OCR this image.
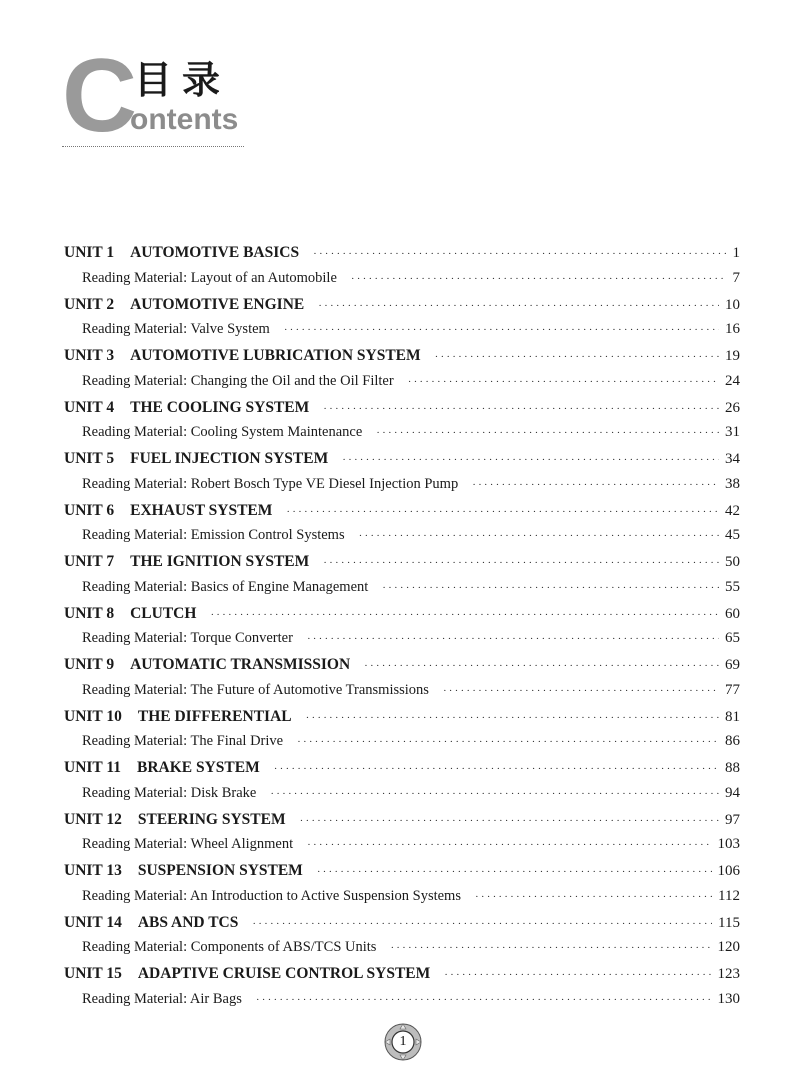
C
目录
ontents
UNIT 1 AUTOMOTIVE BASICS ·····	1
Reading Material: Layout of an Automobile ·····	7
UNIT 2 AUTOMOTIVE ENGINE ·····	10
Reading Material: Valve System ·····	16
UNIT 3 AUTOMOTIVE LUBRICATION SYSTEM ·····	19
Reading Material: Changing the Oil and the Oil Filter ·····	24
UNIT 4 THE COOLING SYSTEM ·····	26
Reading Material: Cooling System Maintenance ·····	31
UNIT 5 FUEL INJECTION SYSTEM ·····	34
Reading Material: Robert Bosch Type VE Diesel Injection Pump ·····	38
UNIT 6 EXHAUST SYSTEM ·····	42
Reading Material: Emission Control Systems ·····	45
UNIT 7 THE IGNITION SYSTEM ·····	50
Reading Material: Basics of Engine Management ·····	55
UNIT 8 CLUTCH ·····	60
Reading Material: Torque Converter ·····	65
UNIT 9 AUTOMATIC TRANSMISSION ·····	69
Reading Material: The Future of Automotive Transmissions ·····	77
UNIT 10 THE DIFFERENTIAL ·····	81
Reading Material: The Final Drive ·····	86
UNIT 11 BRAKE SYSTEM ·····	88
Reading Material: Disk Brake ·····	94
UNIT 12 STEERING SYSTEM ·····	97
Reading Material: Wheel Alignment ·····	103
UNIT 13 SUSPENSION SYSTEM ·····	106
Reading Material: An Introduction to Active Suspension Systems ·····	112
UNIT 14 ABS AND TCS ·····	115
Reading Material: Components of ABS/TCS Units ·····	120
UNIT 15 ADAPTIVE CRUISE CONTROL SYSTEM ·····	123
Reading Material: Air Bags ·····	130
1
